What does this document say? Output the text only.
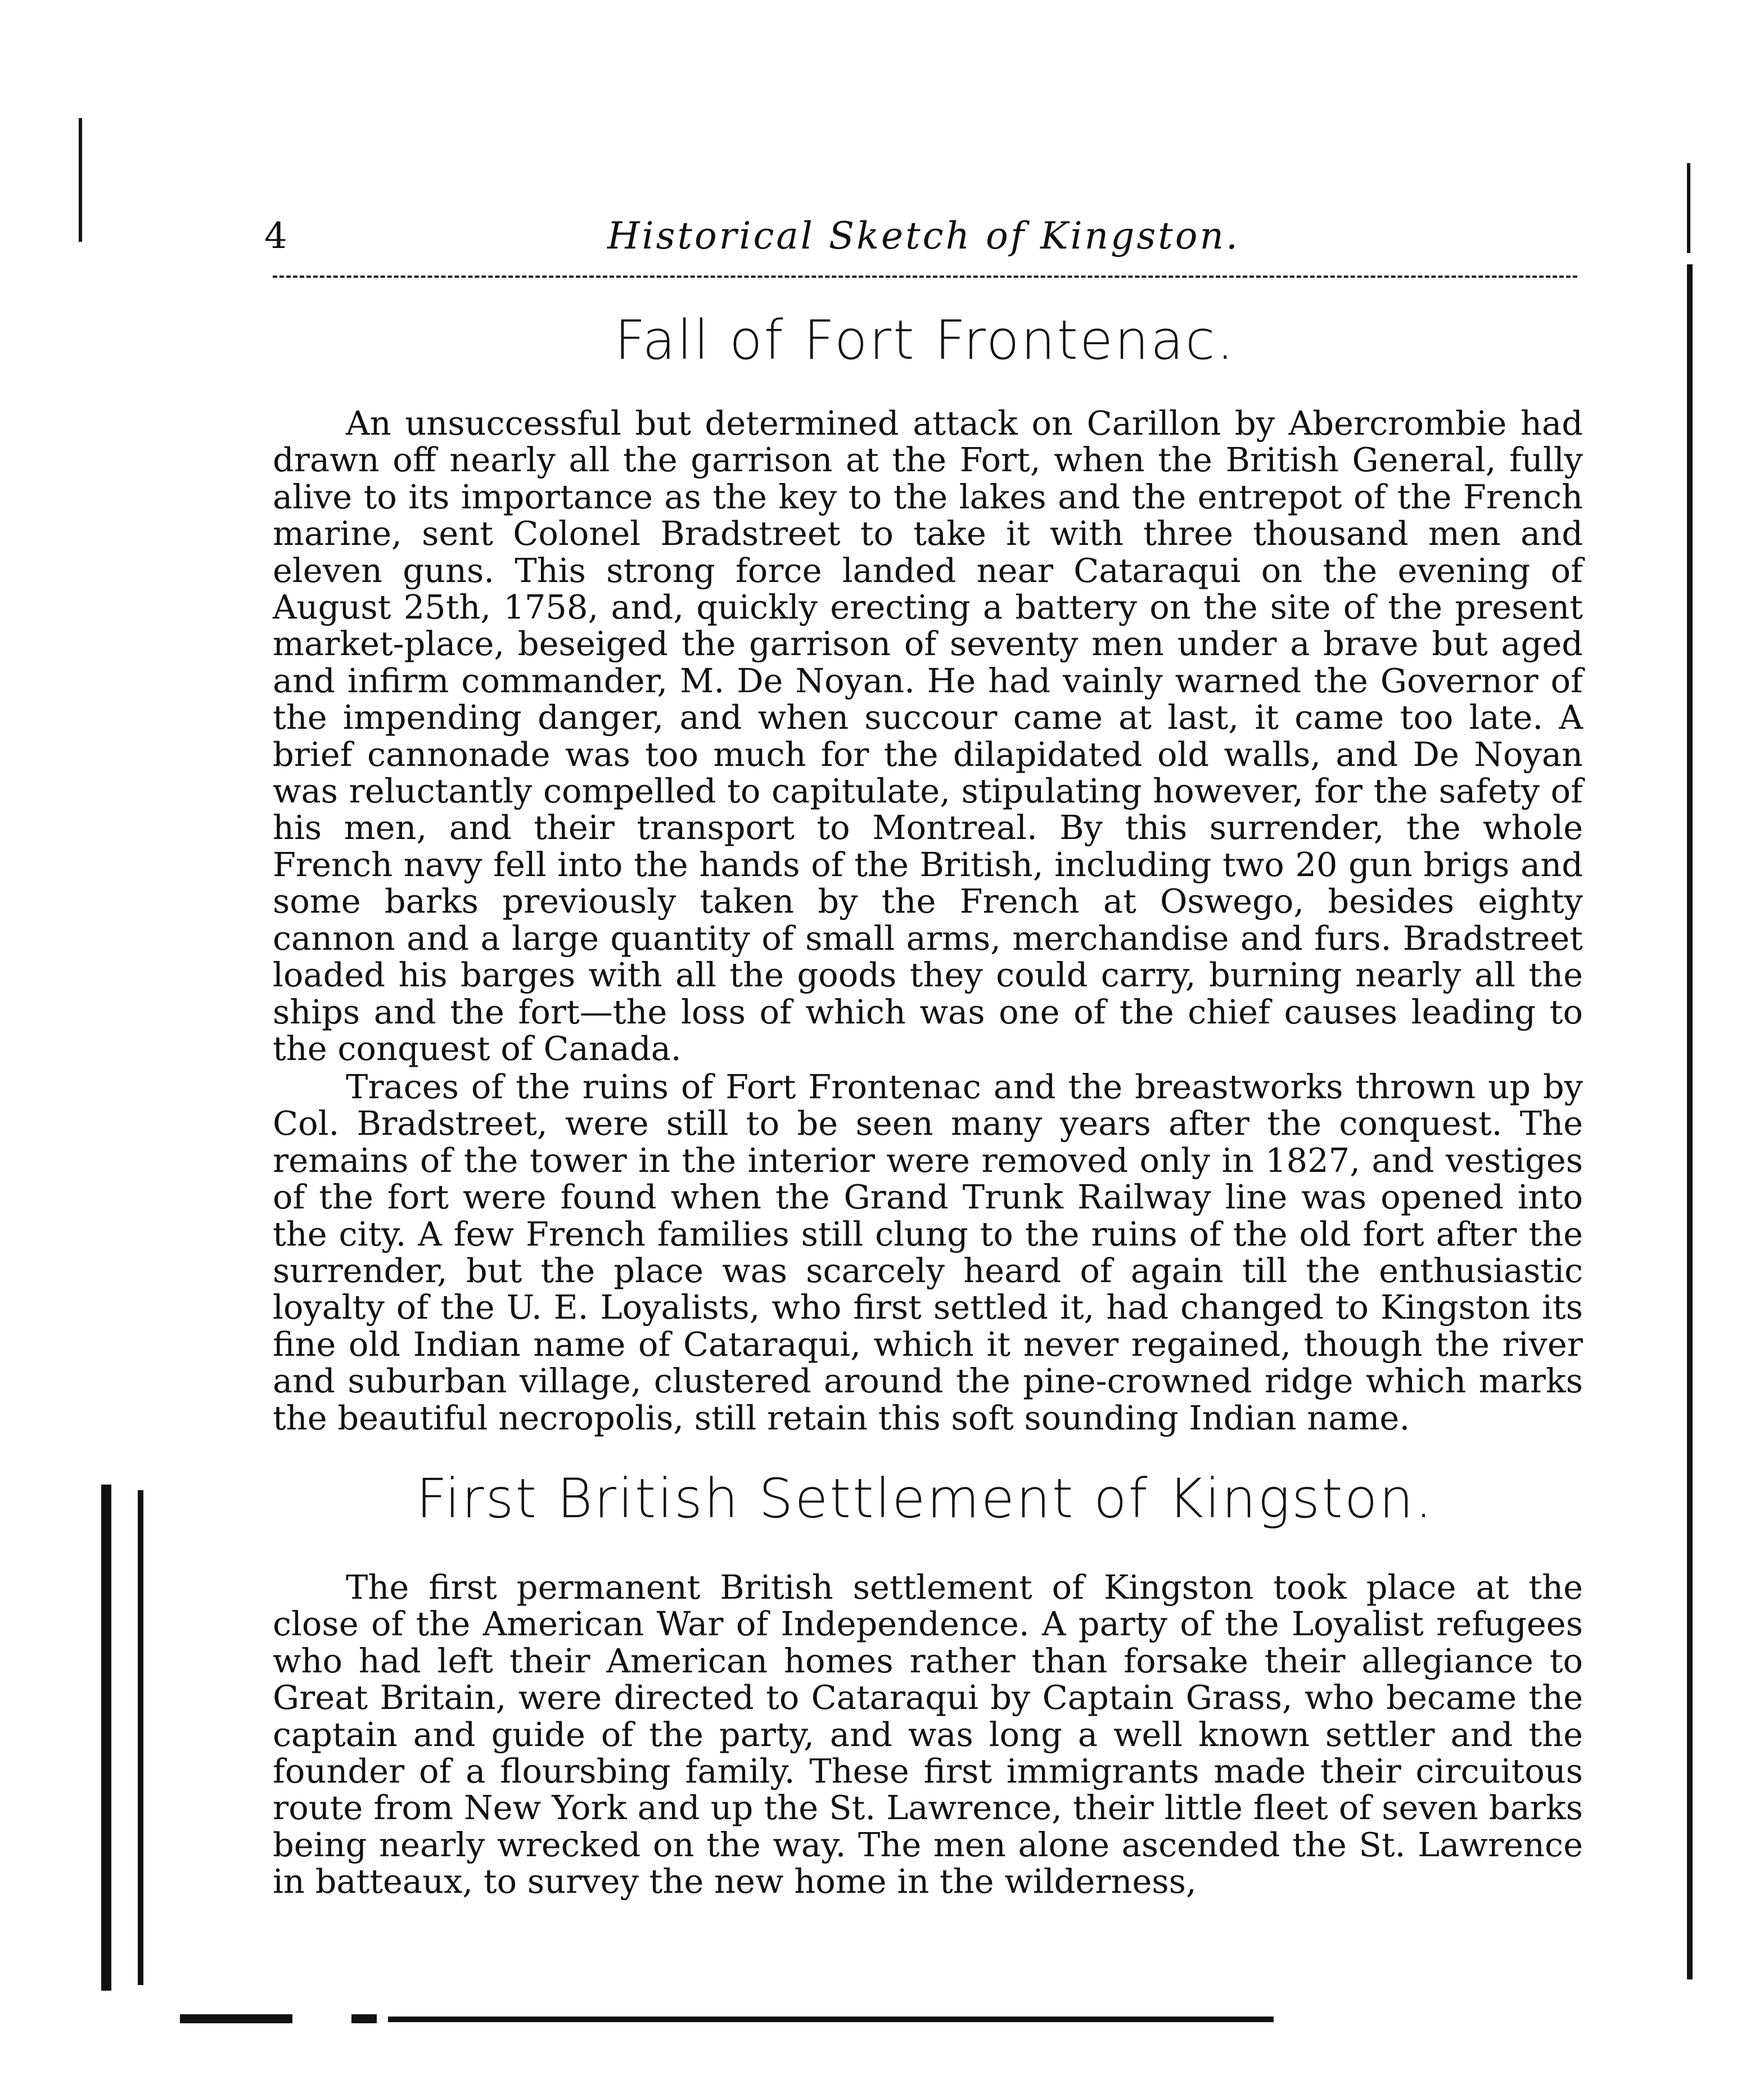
4	Historical Sketch of Kingston.
Fall of Fort Frontenac.

An unsuccessful but determined attack on Carillon by Abercrombie had drawn off nearly all the garrison at the Fort, when the British General, fully alive to its importance as the key to the lakes and the entrepot of the French marine, sent Colonel Bradstreet to take it with three thousand men and eleven guns. This strong force landed near Cataraqui on the evening of August 25th, 1758, and, quickly erecting a battery on the site of the present market-place, beseiged the garrison of seventy men under a brave but aged and infirm commander, M. De Noyan. He had vainly warned the Governor of the impending danger, and when succour came at last, it came too late. A brief cannonade was too much for the dilapidated old walls, and De Noyan was reluctantly compelled to capitulate, stipulating however, for the safety of his men, and their transport to Montreal. By this surrender, the whole French navy fell into the hands of the British, including two 20 gun brigs and some barks previously taken by the French at Oswego, besides eighty cannon and a large quantity of small arms, merchandise and furs. Bradstreet loaded his barges with all the goods they could carry, burning nearly all the ships and the fort—the loss of which was one of the chief causes leading to the conquest of Canada.

Traces of the ruins of Fort Frontenac and the breastworks thrown up by Col. Bradstreet, were still to be seen many years after the conquest. The remains of the tower in the interior were removed only in 1827, and vestiges of the fort were found when the Grand Trunk Railway line was opened into the city. A few French families still clung to the ruins of the old fort after the surrender, but the place was scarcely heard of again till the enthusiastic loyalty of the U. E. Loyalists, who first settled it, had changed to Kingston its fine old Indian name of Cataraqui, which it never regained, though the river and suburban village, clustered around the pine-crowned ridge which marks the beautiful necropolis, still retain this soft sounding Indian name.

First British Settlement of Kingston.

The first permanent British settlement of Kingston took place at the close of the American War of Independence. A party of the Loyalist refugees who had left their American homes rather than forsake their allegiance to Great Britain, were directed to Cataraqui by Captain Grass, who became the captain and guide of the party, and was long a well known settler and the founder of a floursbing family. These first immigrants made their circuitous route from New York and up the St. Lawrence, their little fleet of seven barks being nearly wrecked on the way. The men alone ascended the St. Lawrence in batteaux, to survey the new home in the wilderness,
